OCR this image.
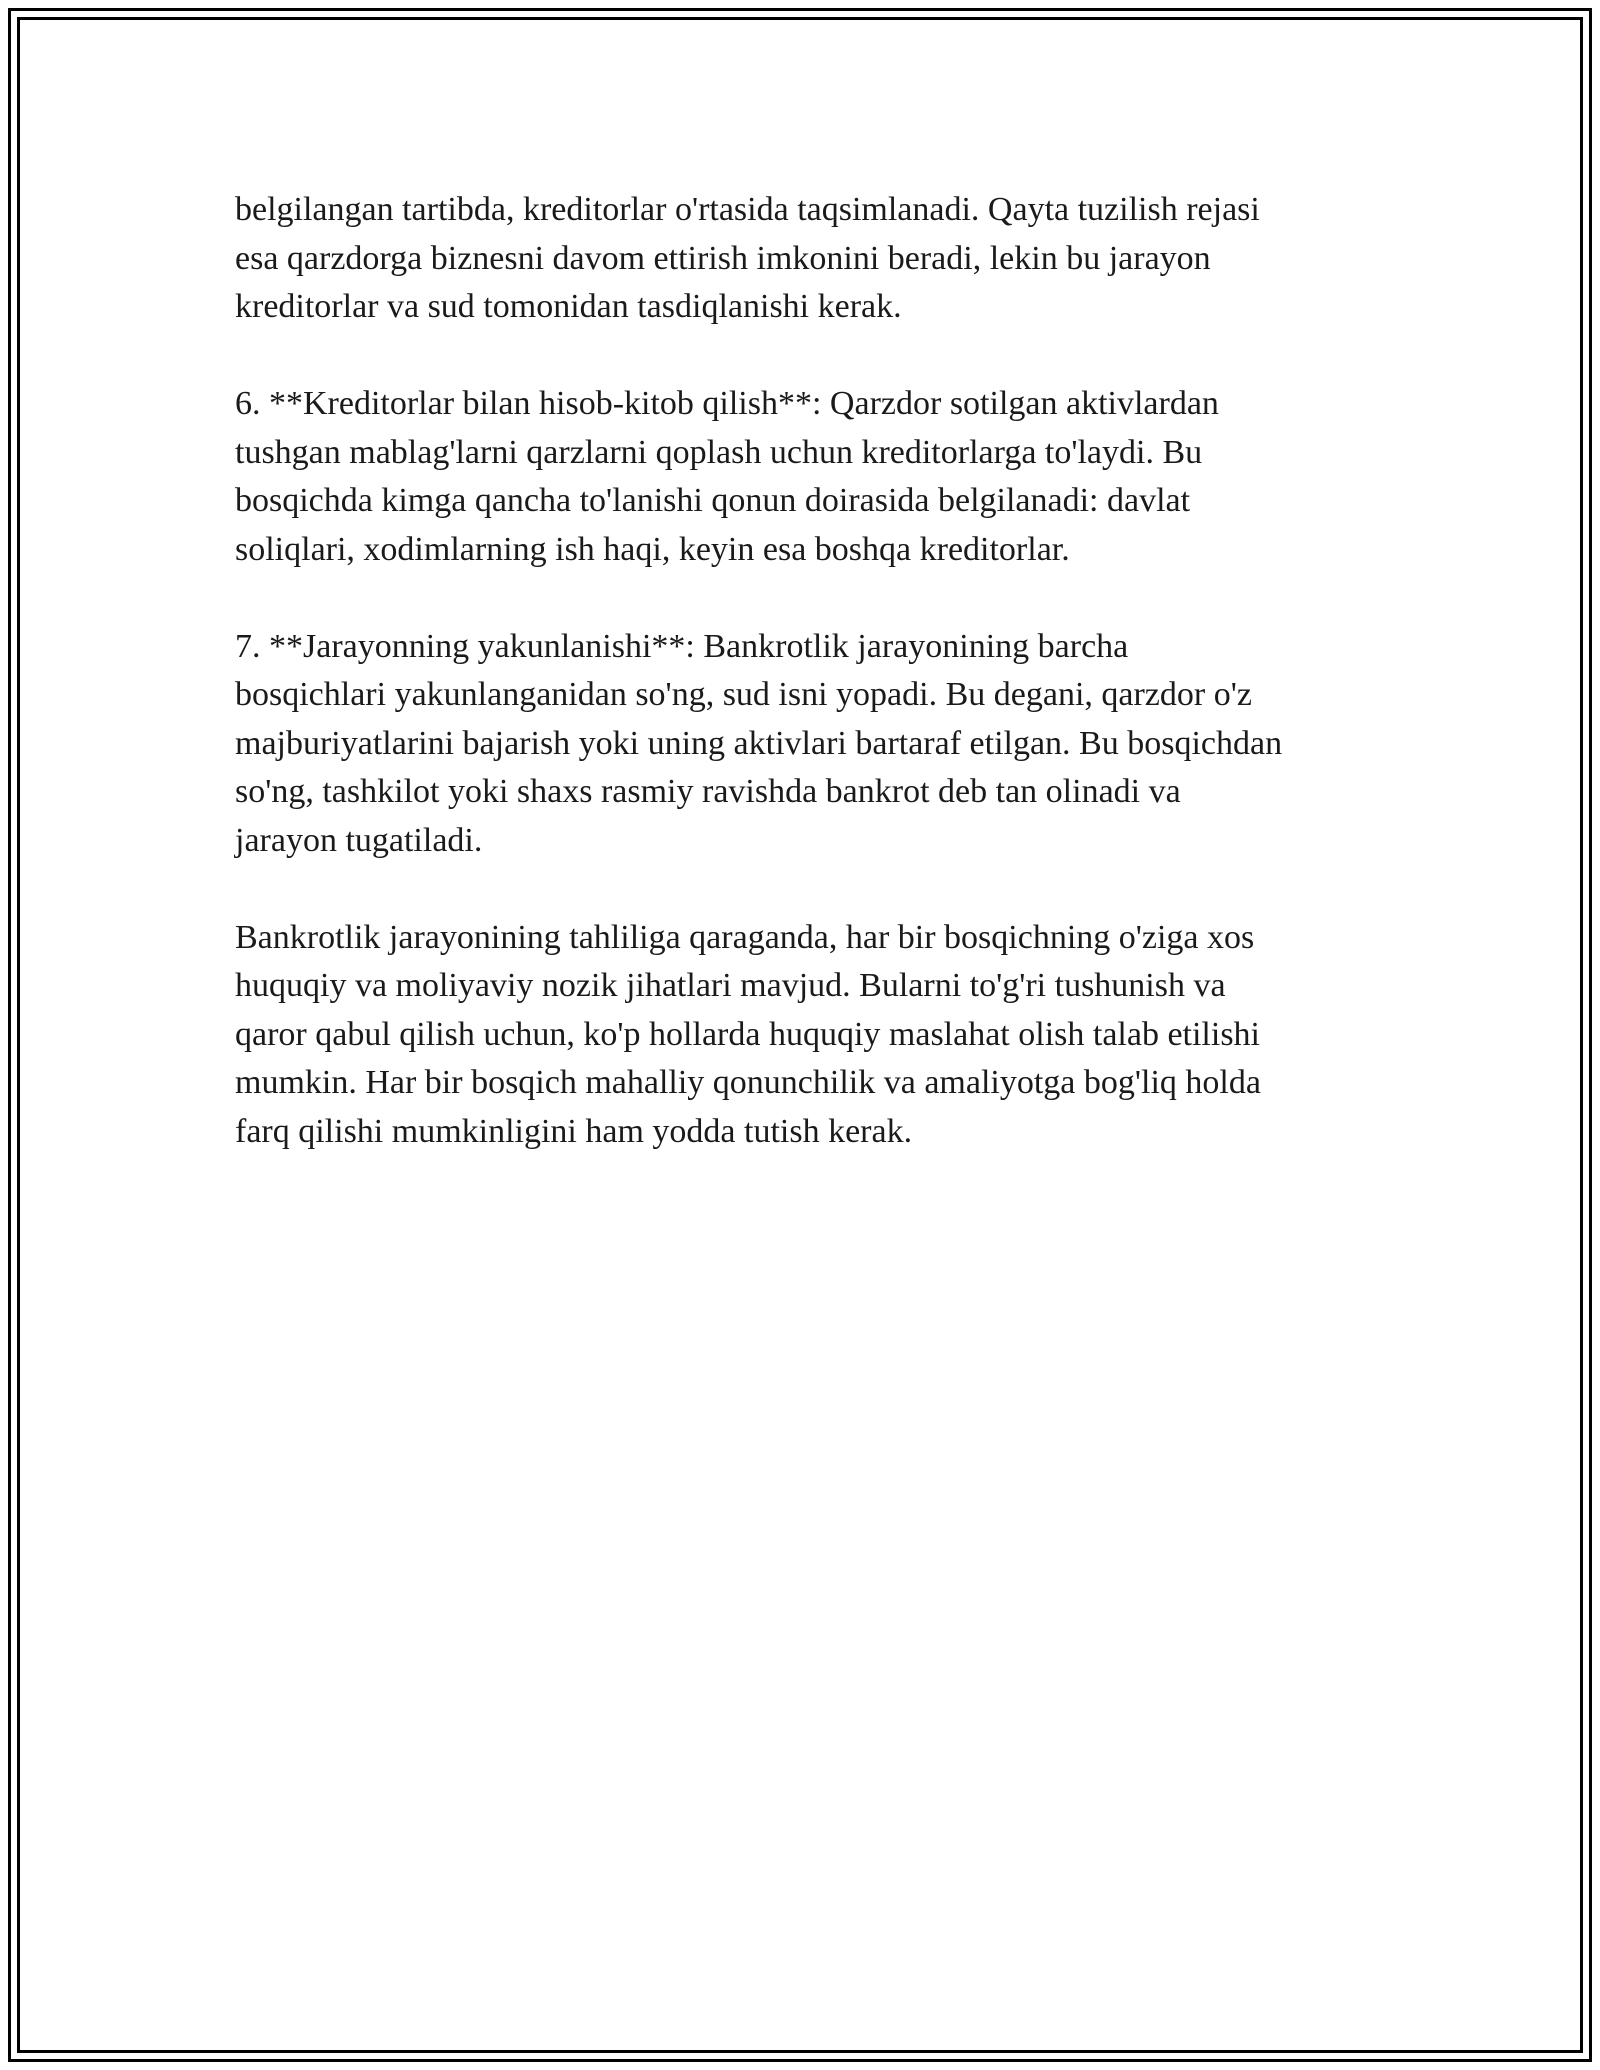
belgilangan tartibda, kreditorlar o'rtasida taqsimlanadi. Qayta tuzilish rejasi
esa qarzdorga biznesni davom ettirish imkonini beradi, lekin bu jarayon
kreditorlar va sud tomonidan tasdiqlanishi kerak.

6. **Kreditorlar bilan hisob-kitob qilish**: Qarzdor sotilgan aktivlardan
tushgan mablag'larni qarzlarni qoplash uchun kreditorlarga to'laydi. Bu
bosqichda kimga qancha to'lanishi qonun doirasida belgilanadi: davlat
soliqlari, xodimlarning ish haqi, keyin esa boshqa kreditorlar.

7. **Jarayonning yakunlanishi**: Bankrotlik jarayonining barcha
bosqichlari yakunlanganidan so'ng, sud isni yopadi. Bu degani, qarzdor o'z
majburiyatlarini bajarish yoki uning aktivlari bartaraf etilgan. Bu bosqichdan
so'ng, tashkilot yoki shaxs rasmiy ravishda bankrot deb tan olinadi va
jarayon tugatiladi.

Bankrotlik jarayonining tahliliga qaraganda, har bir bosqichning o'ziga xos
huquqiy va moliyaviy nozik jihatlari mavjud. Bularni to'g'ri tushunish va
qaror qabul qilish uchun, ko'p hollarda huquqiy maslahat olish talab etilishi
mumkin. Har bir bosqich mahalliy qonunchilik va amaliyotga bog'liq holda
farq qilishi mumkinligini ham yodda tutish kerak.
